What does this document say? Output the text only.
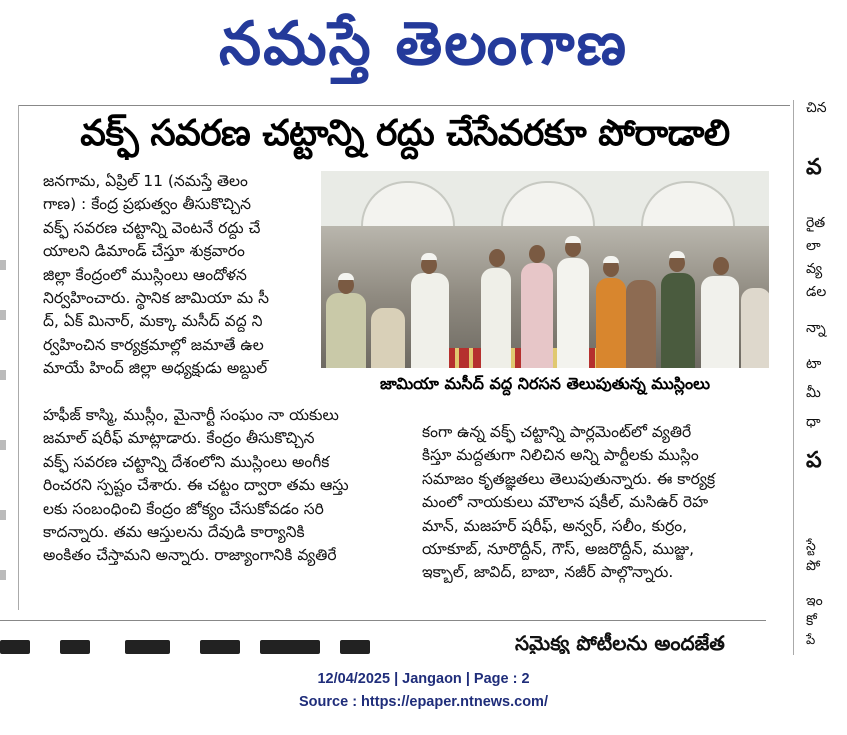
నమస్తే తెలంగాణ
వక్ఫ్ సవరణ చట్టాన్ని రద్దు చేసేవరకూ పోరాడాలి
జనగామ, ఏప్రిల్ 11 (నమస్తే తెలం
గాణ) : కేంద్ర ప్రభుత్వం తీసుకొచ్చిన
వక్ఫ్ సవరణ చట్టాన్ని వెంటనే రద్దు చే
యాలని డిమాండ్ చేస్తూ శుక్రవారం
జిల్లా కేంద్రంలో ముస్లింలు ఆందోళన
నిర్వహించారు. స్థానిక జామియా మ సీ
ద్, ఏక్ మినార్, మక్కా మసీద్ వద్ద ని
ర్వహించిన కార్యక్రమాల్లో జమాతే ఉల
మాయే హింద్ జిల్లా అధ్యక్షుడు అబ్దుల్
జామియా మసీద్ వద్ద నిరసన తెలుపుతున్న ముస్లింలు
హఫీజ్ కాస్మి, ముస్లీం, మైనార్టీ సంఘం నా యకులు
జమాల్ షరీఫ్ మాట్లాడారు. కేంద్రం తీసుకొచ్చిన
వక్ఫ్ సవరణ చట్టాన్ని దేశంలోని ముస్లింలు అంగీక
రించరని స్పష్టం చేశారు. ఈ చట్టం ద్వారా తమ ఆస్తు
లకు సంబంధించి కేంద్రం జోక్యం చేసుకోవడం సరి
కాదన్నారు. తమ ఆస్తులను దేవుడి కార్యానికి
అంకితం చేస్తామని అన్నారు. రాజ్యాంగానికి వ్యతిరే
కంగా ఉన్న వక్ఫ్ చట్టాన్ని పార్లమెంట్‌లో వ్యతిరే
కిస్తూ మద్దతుగా నిలిచిన అన్ని పార్టీలకు ముస్లిం
సమాజం కృతజ్ఞతలు తెలుపుతున్నారు. ఈ కార్యక్ర
మంలో నాయకులు మౌలాన షకీల్, మసిఉర్ రెహ
మాన్, మజహర్ షరీఫ్, అన్వర్, సలీం, కుర్రం,
యాకూబ్, నూరొద్దీన్, గౌస్, అజరొద్దీన్, ముజ్జు,
ఇక్బాల్, జావిద్, బాబా, నజీర్ పాల్గొన్నారు.
సమైక్య పోటీలను అందజేత
చిన
వ
రైత
లా
వ్య
డల
న్నా
టా
మీ
ధా
ప
స్టే
పో
ఇం
కో
పే
12/04/2025 | Jangaon | Page : 2
Source : https://epaper.ntnews.com/
